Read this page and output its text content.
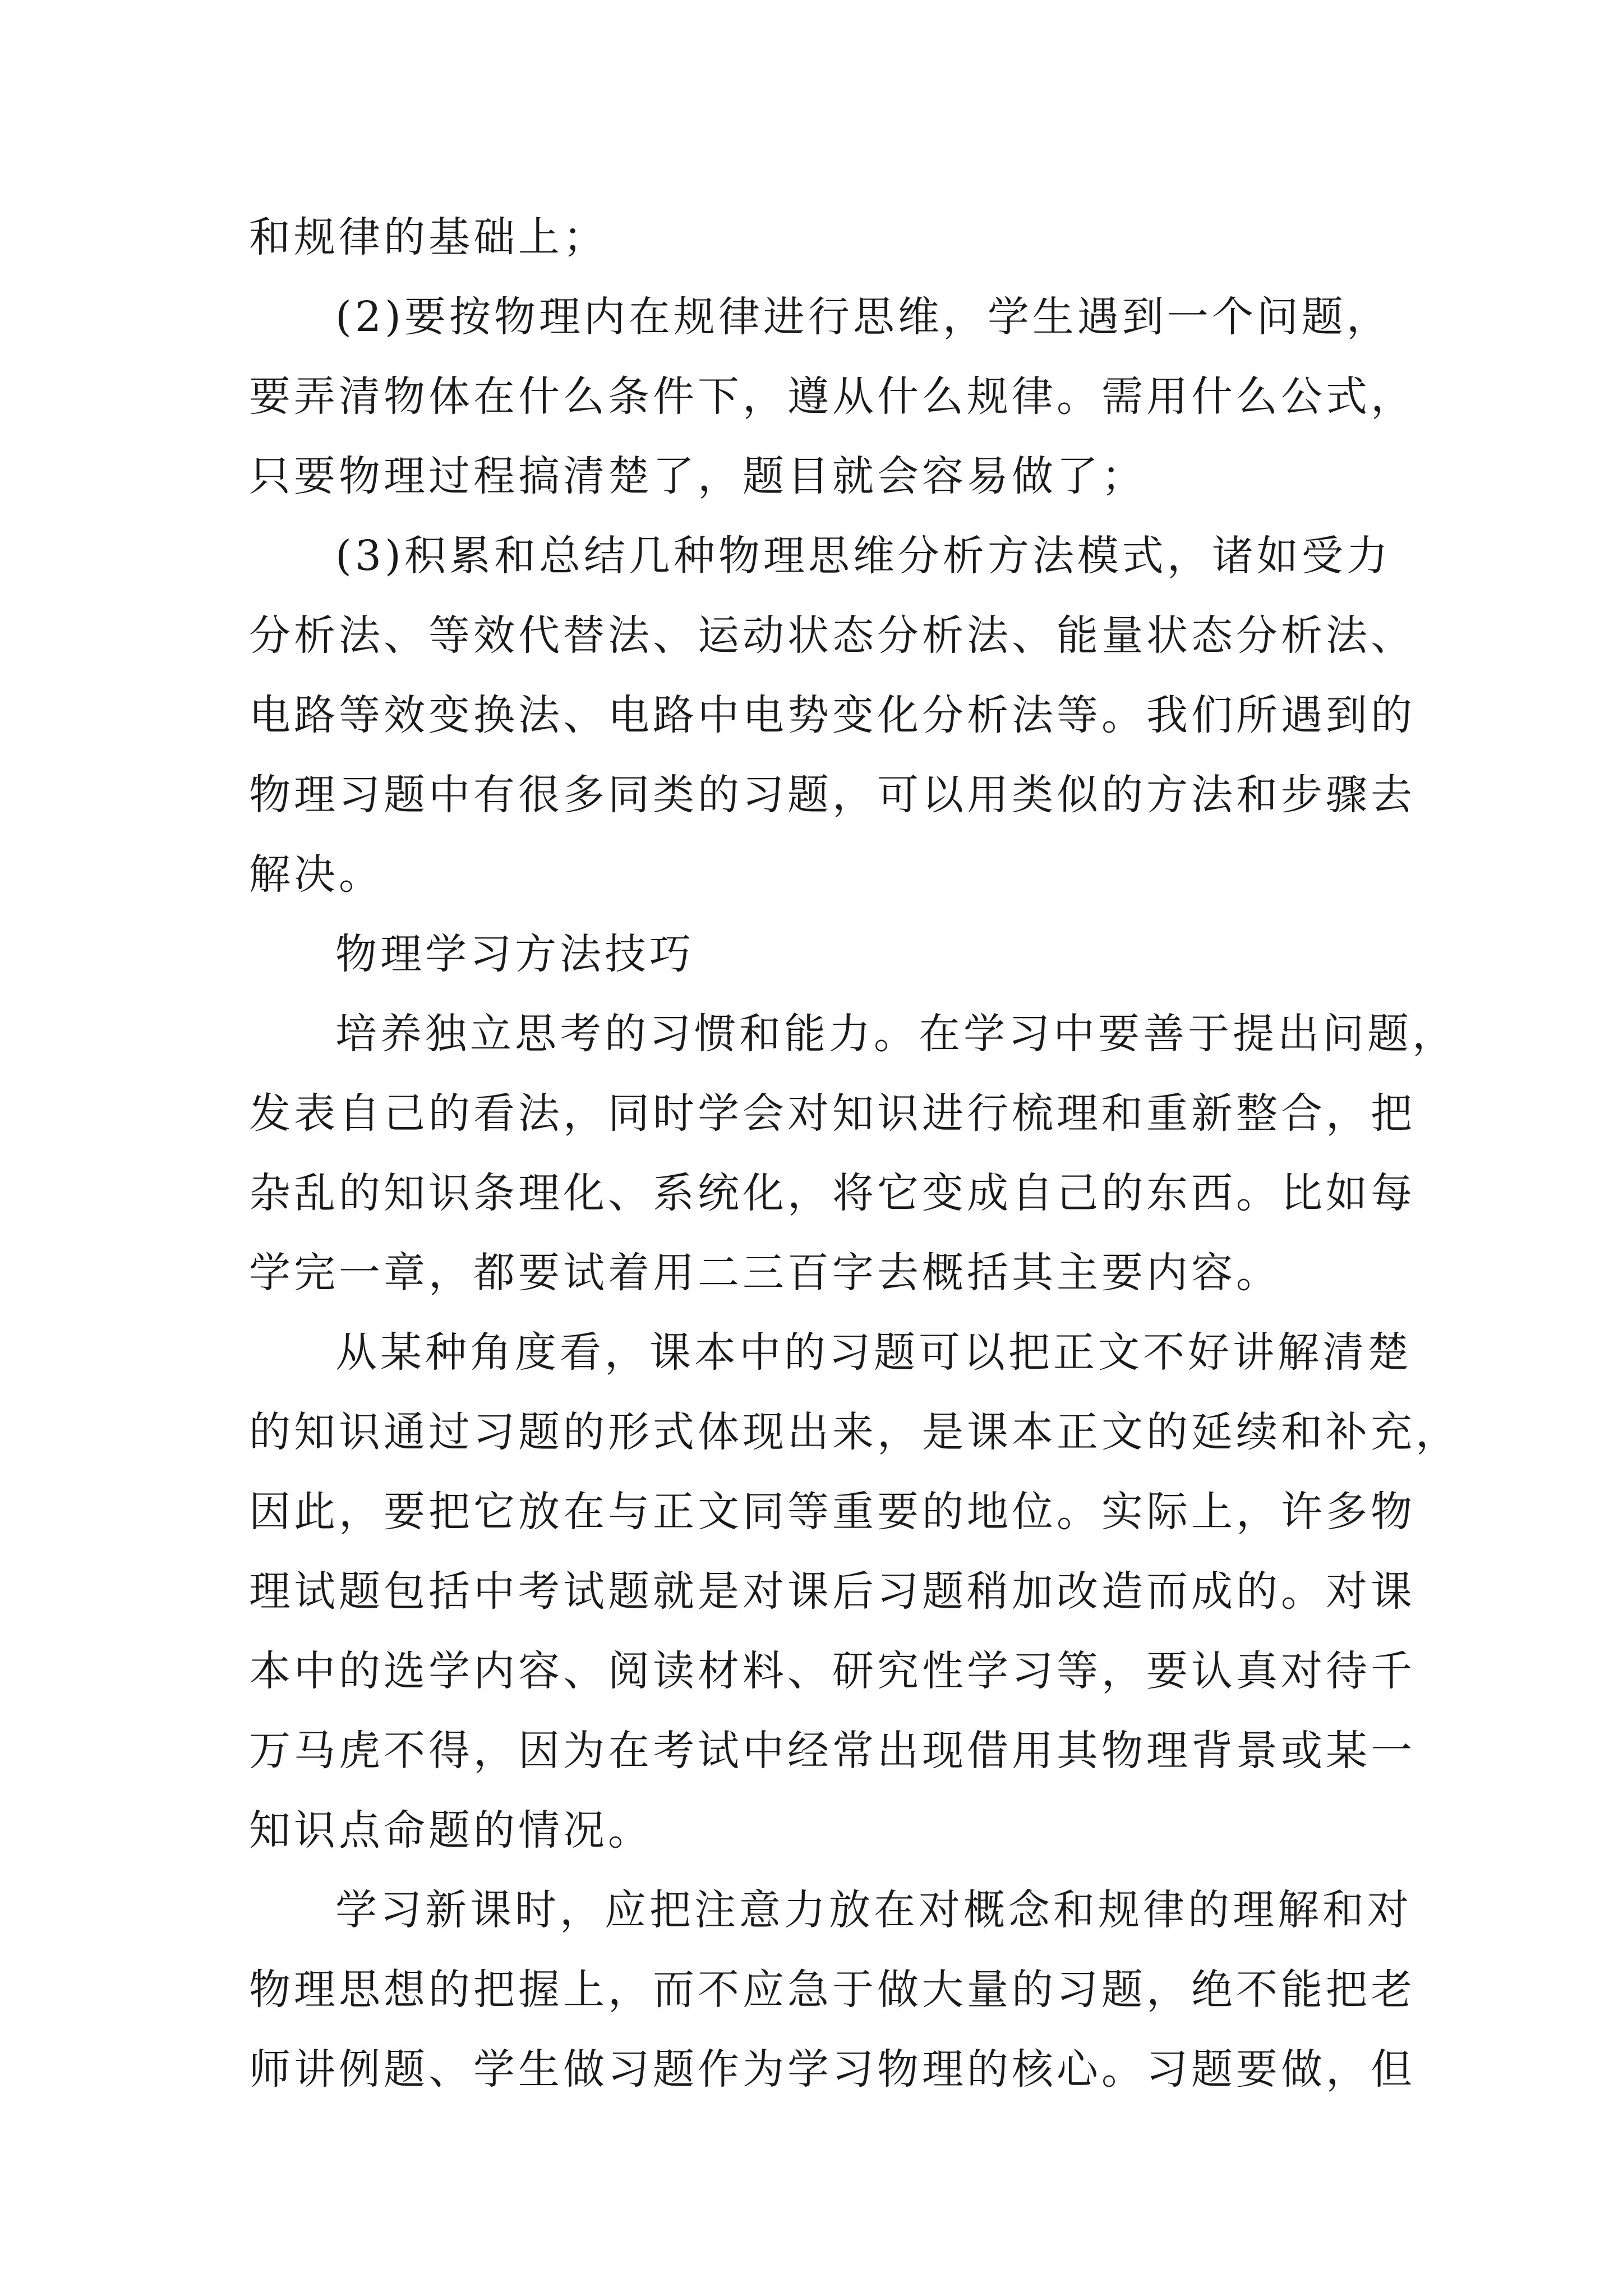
和规律的基础上；
(2)要按物理内在规律进行思维，学生遇到一个问题，
要弄清物体在什么条件下，遵从什么规律。需用什么公式，
只要物理过程搞清楚了，题目就会容易做了；
(3)积累和总结几种物理思维分析方法模式，诸如受力
分析法、等效代替法、运动状态分析法、能量状态分析法、
电路等效变换法、电路中电势变化分析法等。我们所遇到的
物理习题中有很多同类的习题，可以用类似的方法和步骤去
解决。
物理学习方法技巧
培养独立思考的习惯和能力。在学习中要善于提出问题，
发表自己的看法，同时学会对知识进行梳理和重新整合，把
杂乱的知识条理化、系统化，将它变成自己的东西。比如每
学完一章，都要试着用二三百字去概括其主要内容。
从某种角度看，课本中的习题可以把正文不好讲解清楚
的知识通过习题的形式体现出来，是课本正文的延续和补充，
因此，要把它放在与正文同等重要的地位。实际上，许多物
理试题包括中考试题就是对课后习题稍加改造而成的。对课
本中的选学内容、阅读材料、研究性学习等，要认真对待千
万马虎不得，因为在考试中经常出现借用其物理背景或某一
知识点命题的情况。
学习新课时，应把注意力放在对概念和规律的理解和对
物理思想的把握上，而不应急于做大量的习题，绝不能把老
师讲例题、学生做习题作为学习物理的核心。习题要做，但
